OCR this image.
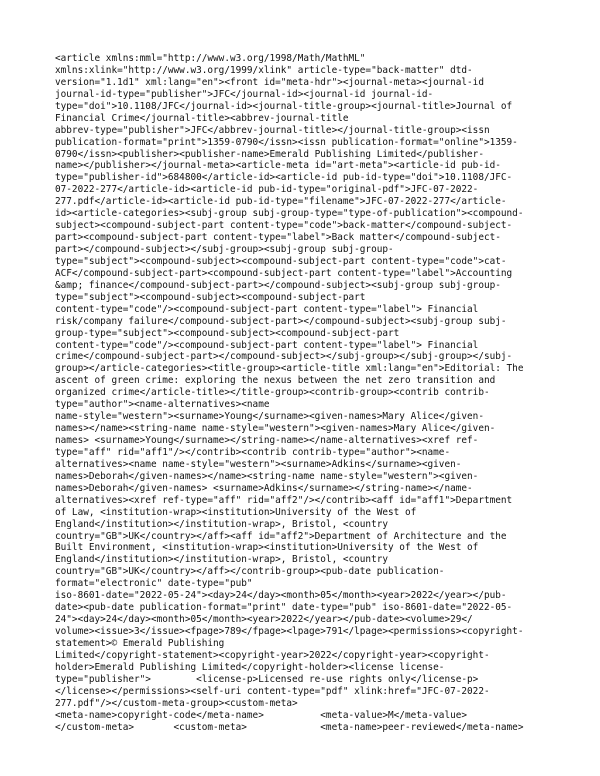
<article xmlns:mml="http://www.w3.org/1998/Math/MathML"
xmlns:xlink="http://www.w3.org/1999/xlink" article-type="back-matter" dtd-
version="1.1d1" xml:lang="en"><front id="meta-hdr"><journal-meta><journal-id
journal-id-type="publisher">JFC</journal-id><journal-id journal-id-
type="doi">10.1108/JFC</journal-id><journal-title-group><journal-title>Journal of
Financial Crime</journal-title><abbrev-journal-title
abbrev-type="publisher">JFC</abbrev-journal-title></journal-title-group><issn
publication-format="print">1359-0790</issn><issn publication-format="online">1359-
0790</issn><publisher><publisher-name>Emerald Publishing Limited</publisher-
name></publisher></journal-meta><article-meta id="art-meta"><article-id pub-id-
type="publisher-id">684800</article-id><article-id pub-id-type="doi">10.1108/JFC-
07-2022-277</article-id><article-id pub-id-type="original-pdf">JFC-07-2022-
277.pdf</article-id><article-id pub-id-type="filename">JFC-07-2022-277</article-
id><article-categories><subj-group subj-group-type="type-of-publication"><compound-
subject><compound-subject-part content-type="code">back-matter</compound-subject-
part><compound-subject-part content-type="label">Back matter</compound-subject-
part></compound-subject></subj-group><subj-group subj-group-
type="subject"><compound-subject><compound-subject-part content-type="code">cat-
ACF</compound-subject-part><compound-subject-part content-type="label">Accounting
&amp; finance</compound-subject-part></compound-subject><subj-group subj-group-
type="subject"><compound-subject><compound-subject-part
content-type="code"/><compound-subject-part content-type="label"> Financial
risk/company failure</compound-subject-part></compound-subject><subj-group subj-
group-type="subject"><compound-subject><compound-subject-part
content-type="code"/><compound-subject-part content-type="label"> Financial
crime</compound-subject-part></compound-subject></subj-group></subj-group></subj-
group></article-categories><title-group><article-title xml:lang="en">Editorial: The
ascent of green crime: exploring the nexus between the net zero transition and
organized crime</article-title></title-group><contrib-group><contrib contrib-
type="author"><name-alternatives><name
name-style="western"><surname>Young</surname><given-names>Mary Alice</given-
names></name><string-name name-style="western"><given-names>Mary Alice</given-
names> <surname>Young</surname></string-name></name-alternatives><xref ref-
type="aff" rid="aff1"/></contrib><contrib contrib-type="author"><name-
alternatives><name name-style="western"><surname>Adkins</surname><given-
names>Deborah</given-names></name><string-name name-style="western"><given-
names>Deborah</given-names> <surname>Adkins</surname></string-name></name-
alternatives><xref ref-type="aff" rid="aff2"/></contrib><aff id="aff1">Department
of Law, <institution-wrap><institution>University of the West of
England</institution></institution-wrap>, Bristol, <country
country="GB">UK</country></aff><aff id="aff2">Department of Architecture and the
Built Environment, <institution-wrap><institution>University of the West of
England</institution></institution-wrap>, Bristol, <country
country="GB">UK</country></aff></contrib-group><pub-date publication-
format="electronic" date-type="pub"
iso-8601-date="2022-05-24"><day>24</day><month>05</month><year>2022</year></pub-
date><pub-date publication-format="print" date-type="pub" iso-8601-date="2022-05-
24"><day>24</day><month>05</month><year>2022</year></pub-date><volume>29</
volume><issue>3</issue><fpage>789</fpage><lpage>791</lpage><permissions><copyright-
statement>© Emerald Publishing
Limited</copyright-statement><copyright-year>2022</copyright-year><copyright-
holder>Emerald Publishing Limited</copyright-holder><license license-
type="publisher">        <license-p>Licensed re-use rights only</license-p>
</license></permissions><self-uri content-type="pdf" xlink:href="JFC-07-2022-
277.pdf"/></custom-meta-group><custom-meta>
<meta-name>copyright-code</meta-name>          <meta-value>M</meta-value>
</custom-meta>       <custom-meta>             <meta-name>peer-reviewed</meta-name>
